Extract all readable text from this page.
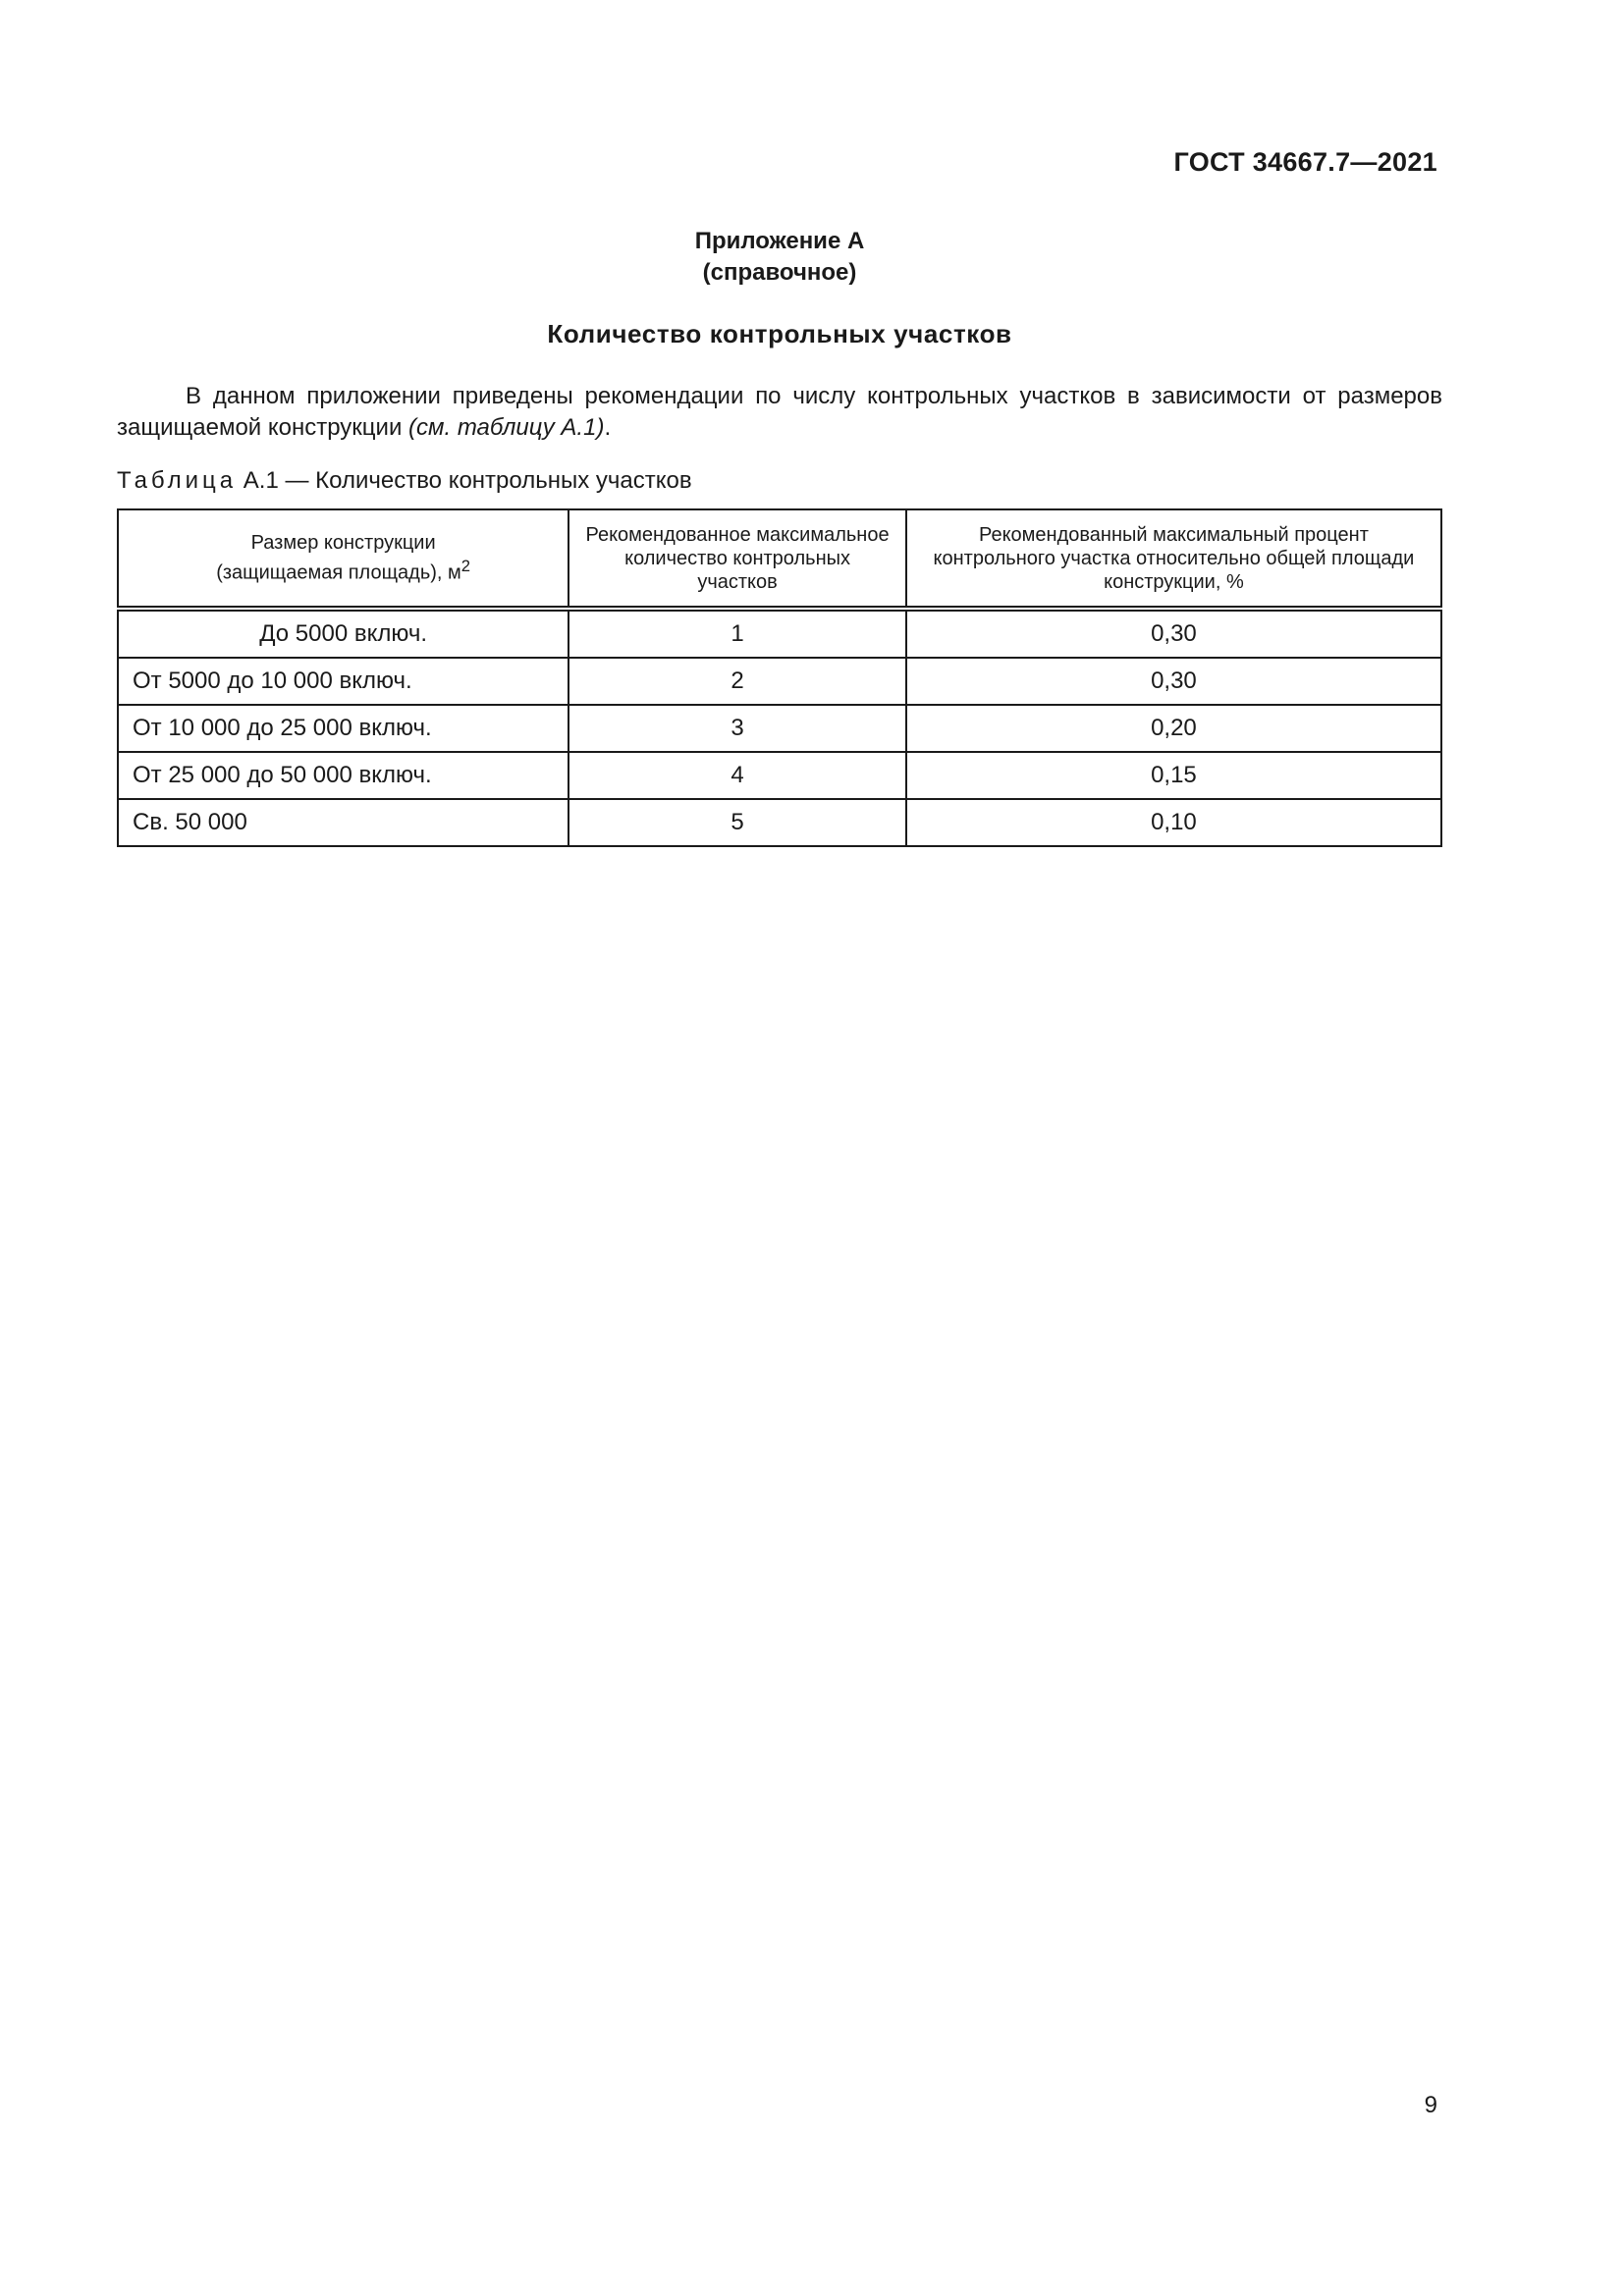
ГОСТ 34667.7—2021
Приложение А
(справочное)
Количество контрольных участков
В данном приложении приведены рекомендации по числу контрольных участков в зависимости от размеров защищаемой конструкции (см. таблицу А.1).
Таблица А.1 — Количество контрольных участков
Размер конструкции
(защищаемая площадь), $м^2$	Рекомендованное максимальное количество контрольных участков	Рекомендованный максимальный процент контрольного участка относительно общей площади конструкции, %
До 5000 включ.	1	0,30
От 5000 до 10 000 включ.	2	0,30
От 10 000 до 25 000 включ.	3	0,20
От 25 000 до 50 000 включ.	4	0,15
Св. 50 000	5	0,10
9
